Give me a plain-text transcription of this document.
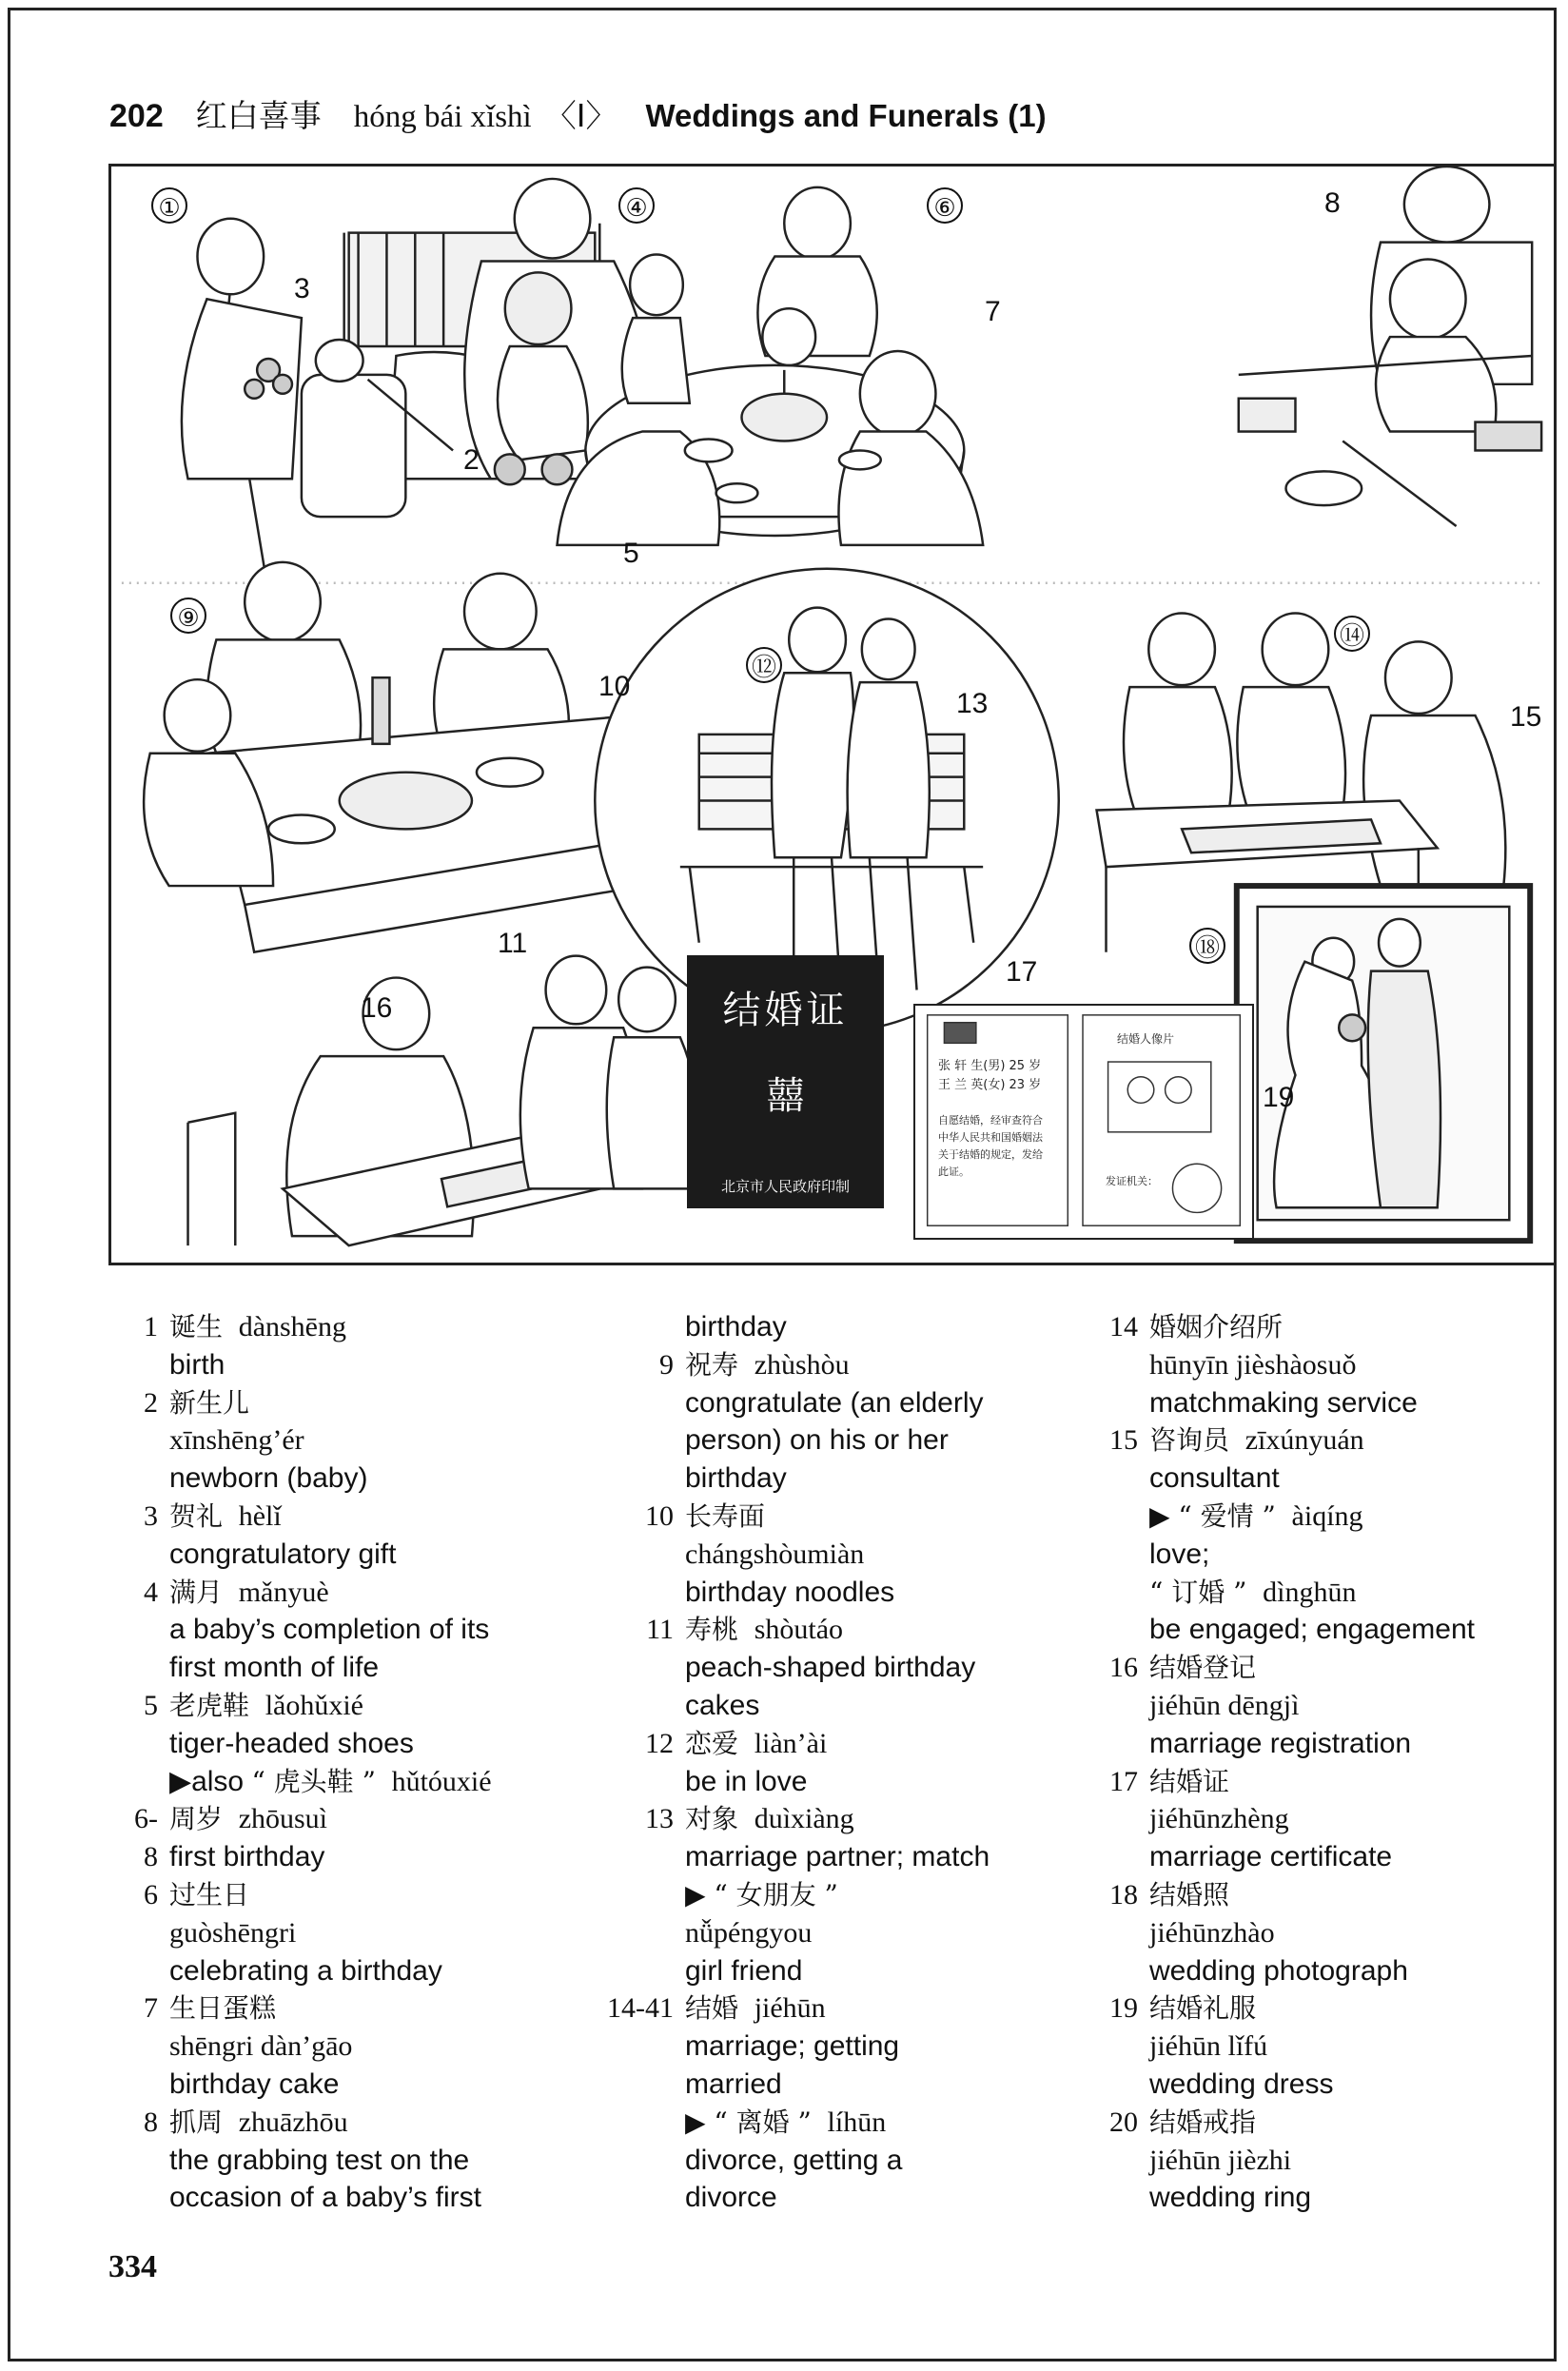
202 红白喜事 hóng bái xǐshì 〈Ⅰ〉 Weddings and Funerals (1)
①
3
2
④
5
⑥
7
8
⑨
10
11
⑫
13
⑭
15
16
17
⑱
19
结婚证
囍
北京市人民政府印制
张 轩 生(男) 25 岁
王 兰 英(女) 23 岁
自愿结婚，经审查符合
中华人民共和国婚姻法
关于结婚的规定，发给
此证。
结婚人像片
发证机关：
1 诞生 dànshēng
birth
2 新生儿
xīnshēng’ér
newborn (baby)
3 贺礼 hèlǐ
congratulatory gift
4 满月 mǎnyuè
a baby’s completion of its
first month of life
5 老虎鞋 lǎohǔxié
tiger-headed shoes
▶also “ 虎头鞋 ” hǔtóuxié
6-8
周岁 zhōusuì
first birthday
6 过生日
guòshēngri
celebrating a birthday
7 生日蛋糕
shēngri dàn’gāo
birthday cake
8 抓周 zhuāzhōu
the grabbing test on the
occasion of a baby’s first
birthday
9 祝寿 zhùshòu
congratulate (an elderly
person) on his or her
birthday
10 长寿面
chángshòumiàn
birthday noodles
11 寿桃 shòutáo
peach-shaped birthday
cakes
12 恋爱 liàn’ài
be in love
13 对象 duìxiàng
marriage partner; match
▶ “ 女朋友 ”
nǚpéngyou
girl friend
14-41 结婚 jiéhūn
marriage; getting
married
▶ “ 离婚 ” líhūn
divorce, getting a
divorce
14 婚姻介绍所
hūnyīn jièshàosuǒ
matchmaking service
15 咨询员 zīxúnyuán
consultant
▶ “ 爱情 ” àiqíng
love;
“ 订婚 ” dìnghūn
be engaged; engagement
16 结婚登记
jiéhūn dēngjì
marriage registration
17 结婚证
jiéhūnzhèng
marriage certificate
18 结婚照
jiéhūnzhào
wedding photograph
19 结婚礼服
jiéhūn lǐfú
wedding dress
20 结婚戒指
jiéhūn jièzhi
wedding ring
334
